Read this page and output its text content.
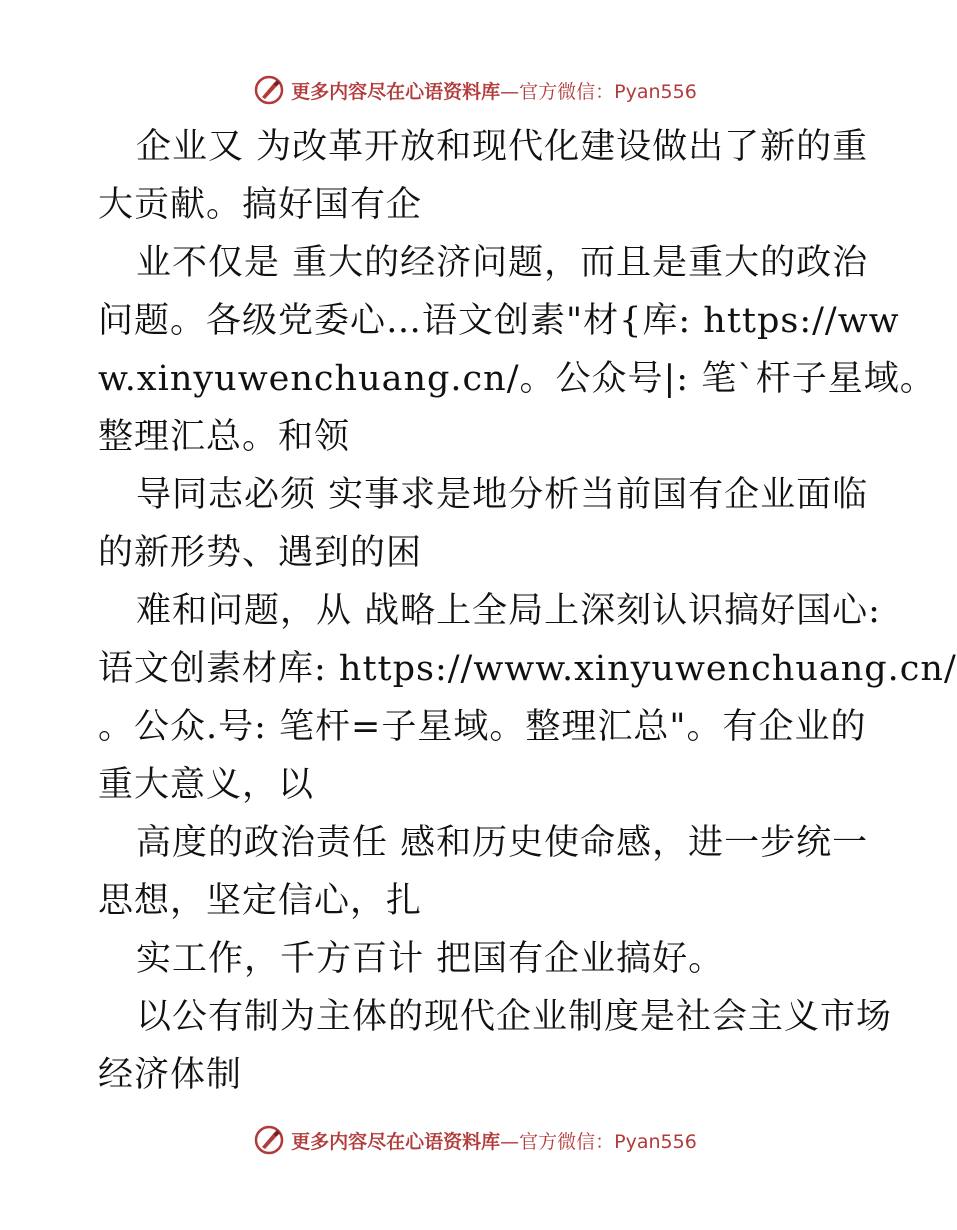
更多内容尽在心语资料库 —官方微信：Pyan556
企业又 为改革开放和现代化建设做出了新的重
大贡献。搞好国有企
业不仅是 重大的经济问题，而且是重大的政治
问题。各级党委心…语文创素"材{库: https://ww
w.xinyuwenchuang.cn/。公众号|: 笔`杆子星域。
整理汇总。和领
导同志必须 实事求是地分析当前国有企业面临
的新形势、遇到的困
难和问题，从 战略上全局上深刻认识搞好国心:
语文创素材库: https://www.xinyuwenchuang.cn/
。公众.号: 笔杆=子星域。整理汇总"。有企业的
重大意义，以
高度的政治责任 感和历史使命感，进一步统一
思想，坚定信心，扎
实工作，千方百计 把国有企业搞好。
以公有制为主体的现代企业制度是社会主义市场
经济体制
更多内容尽在心语资料库 —官方微信：Pyan556
